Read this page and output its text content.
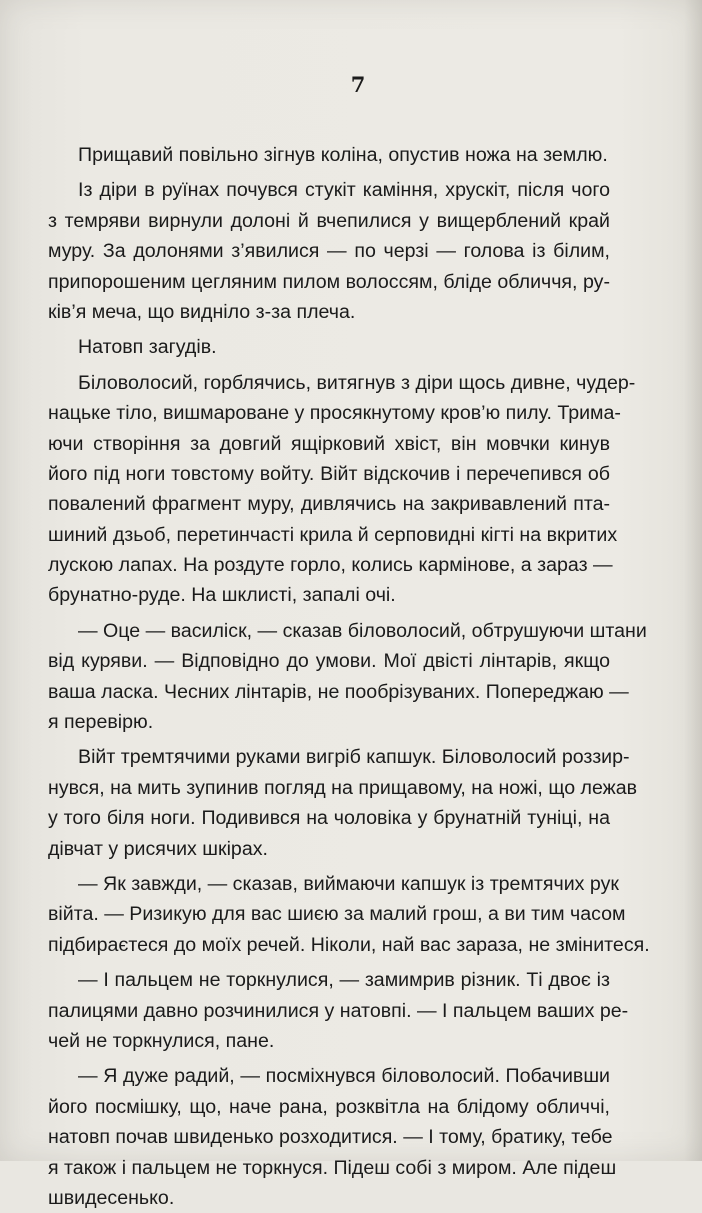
7
Прищавий повільно зігнув коліна, опустив ножа на землю.
Із діри в руїнах почувся стукіт каміння, хрускіт, після чого
з темряви вирнули долоні й вчепилися у вищерблений край
муру. За долонями з’явилися — по черзі — голова із білим,
припорошеним цегляним пилом волоссям, бліде обличчя, ру-
ків’я меча, що видніло з-за плеча.
Натовп загудів.
Біловолосий, горблячись, витягнув з діри щось дивне, чудер-
нацьке тіло, вишмароване у просякнутому кров’ю пилу. Трима-
ючи створіння за довгий ящірковий хвіст, він мовчки кинув
його під ноги товстому войту. Війт відскочив і перечепився об
повалений фрагмент муру, дивлячись на закривавлений пта-
шиний дзьоб, перетинчасті крила й серповидні кігті на вкритих
лускою лапах. На роздуте горло, колись кармінове, а зараз —
брунатно-руде. На шклисті, запалі очі.
— Оце — василіск, — сказав біловолосий, обтрушуючи штани
від куряви. — Відповідно до умови. Мої двісті лінтарів, якщо
ваша ласка. Чесних лінтарів, не пообрізуваних. Попереджаю —
я перевірю.
Війт тремтячими руками вигріб капшук. Біловолосий роззир-
нувся, на мить зупинив погляд на прищавому, на ножі, що лежав
у того біля ноги. Подивився на чоловіка у брунатній туніці, на
дівчат у рисячих шкірах.
— Як завжди, — сказав, виймаючи капшук із тремтячих рук
війта. — Ризикую для вас шиєю за малий грош, а ви тим часом
підбираєтеся до моїх речей. Ніколи, най вас зараза, не змінитеся.
— І пальцем не торкнулися, — замимрив різник. Ті двоє із
палицями давно розчинилися у натовпі. — І пальцем ваших ре-
чей не торкнулися, пане.
— Я дуже радий, — посміхнувся біловолосий. Побачивши
його посмішку, що, наче рана, розквітла на блідому обличчі,
натовп почав швиденько розходитися. — І тому, братику, тебе
я також і пальцем не торкнуся. Підеш собі з миром. Але підеш
швидесенько.
